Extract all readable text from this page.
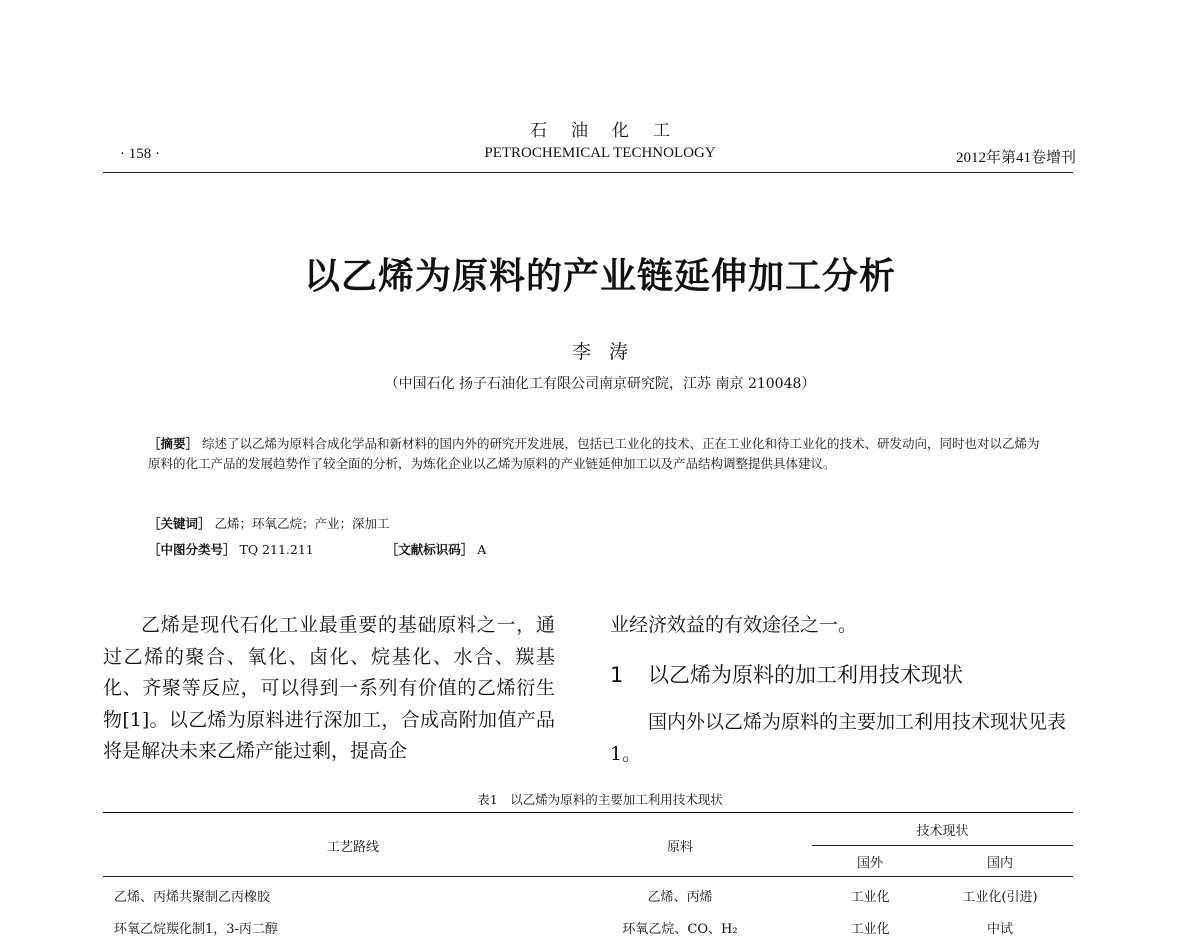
石油化工
PETROCHEMICAL TECHNOLOGY
· 158 ·	2012年第41卷增刊
以乙烯为原料的产业链延伸加工分析
李涛
（中国石化 扬子石油化工有限公司南京研究院，江苏 南京 210048）
［摘要］ 综述了以乙烯为原料合成化学品和新材料的国内外的研究开发进展，包括已工业化的技术、正在工业化和待工业化的技术、研发动向，同时也对以乙烯为原料的化工产品的发展趋势作了较全面的分析，为炼化企业以乙烯为原料的产业链延伸加工以及产品结构调整提供具体建议。
［关键词］ 乙烯；环氧乙烷；产业；深加工
［中图分类号］ TQ 211.211	［文献标识码］ A
乙烯是现代石化工业最重要的基础原料之一，通过乙烯的聚合、氧化、卤化、烷基化、水合、羰基化、齐聚等反应，可以得到一系列有价值的乙烯衍生物[1]。以乙烯为原料进行深加工，合成高附加值产品将是解决未来乙烯产能过剩，提高企
业经济效益的有效途径之一。
1 以乙烯为原料的加工利用技术现状
国内外以乙烯为原料的主要加工利用技术现状见表1。
表1　以乙烯为原料的主要加工利用技术现状
工艺路线	原料
技术现状
国外	国内
乙烯、丙烯共聚制乙丙橡胶	乙烯、丙烯	工业化	工业化(引进)
环氧乙烷羰化制1，3-丙二醇	环氧乙烷、CO、H₂	工业化	中试
